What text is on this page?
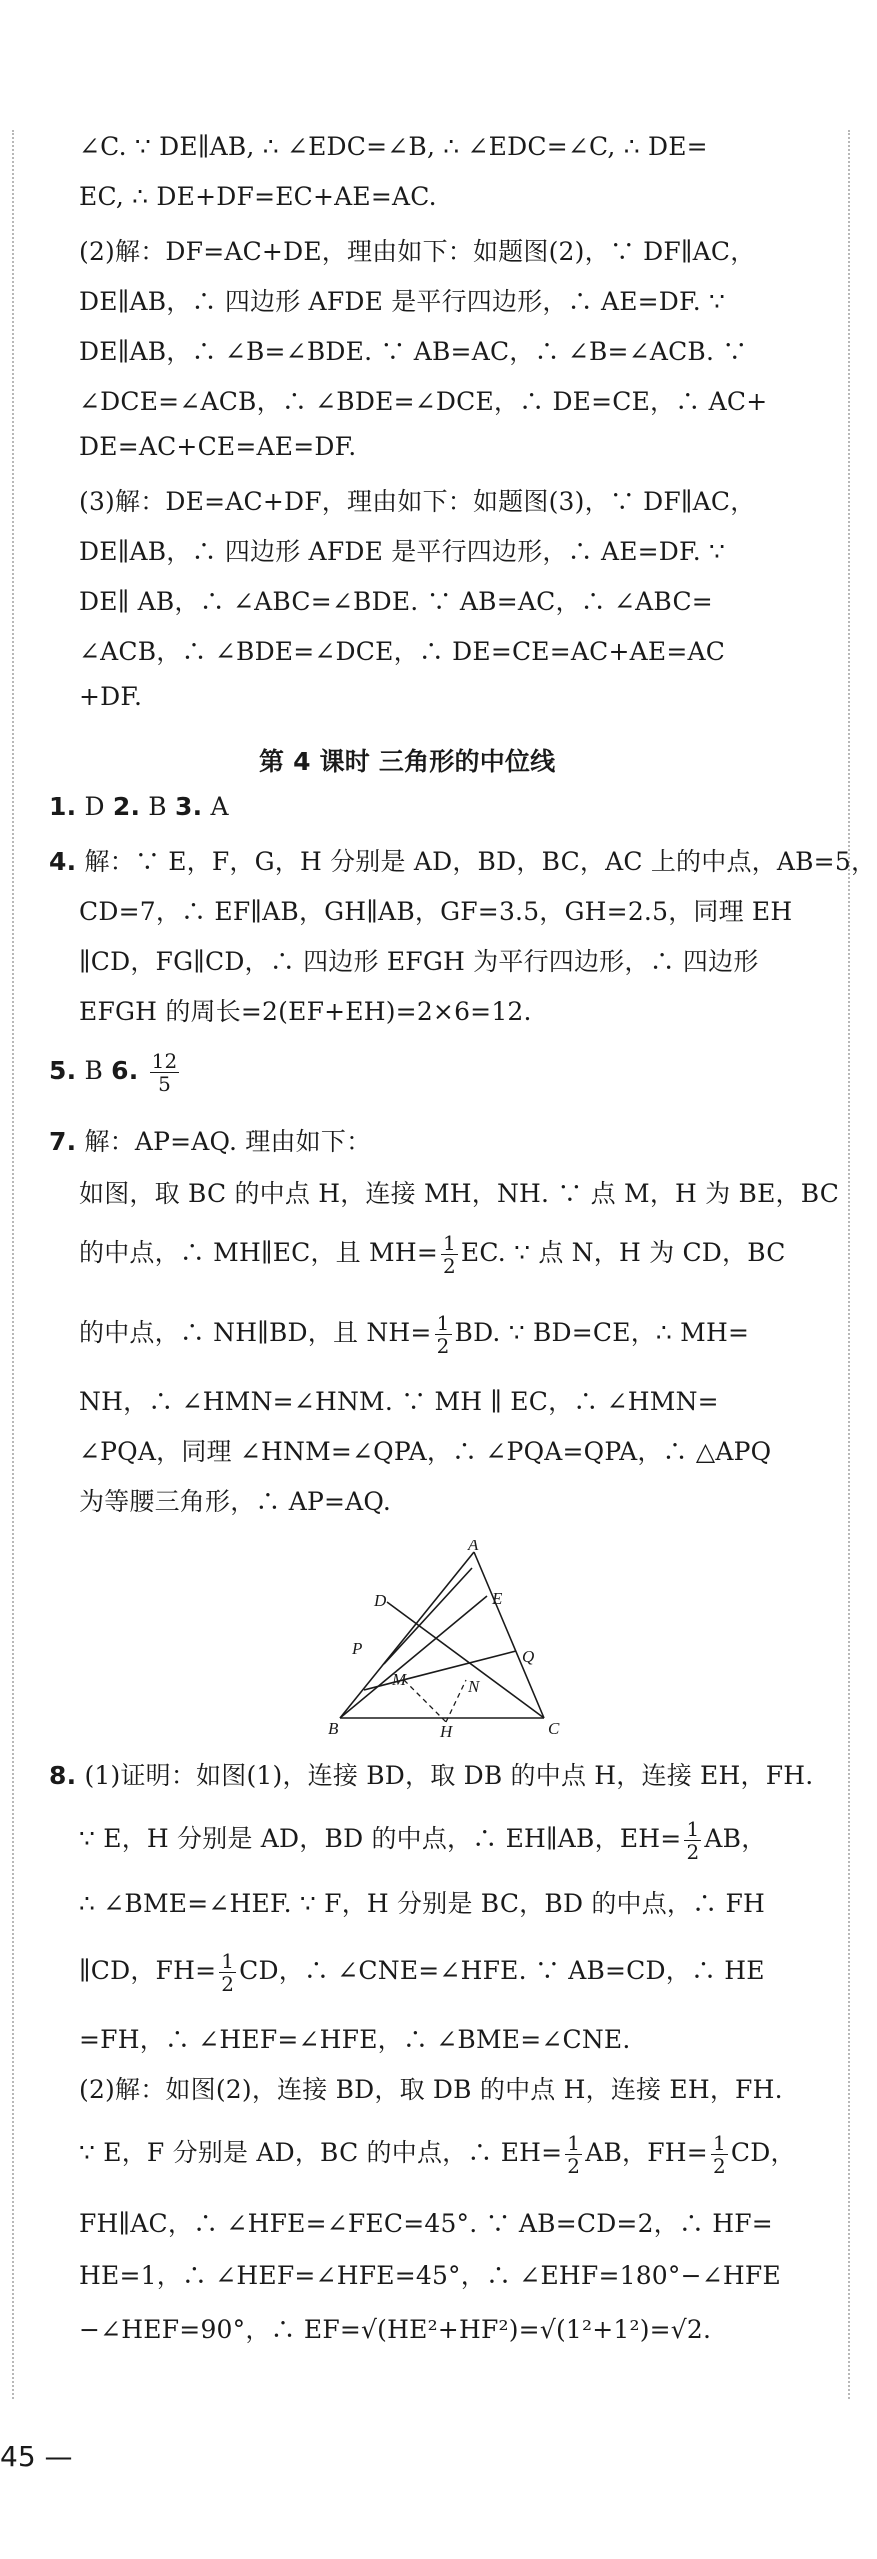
∠C. ∵ DE∥AB, ∴ ∠EDC=∠B, ∴ ∠EDC=∠C, ∴ DE=
EC, ∴ DE+DF=EC+AE=AC.
(2)解：DF=AC+DE，理由如下：如题图(2)，∵ DF∥AC，
DE∥AB，∴ 四边形 AFDE 是平行四边形，∴ AE=DF. ∵
DE∥AB，∴ ∠B=∠BDE. ∵ AB=AC，∴ ∠B=∠ACB. ∵
∠DCE=∠ACB，∴ ∠BDE=∠DCE，∴ DE=CE，∴ AC+
DE=AC+CE=AE=DF.
(3)解：DE=AC+DF，理由如下：如题图(3)，∵ DF∥AC，
DE∥AB，∴ 四边形 AFDE 是平行四边形，∴ AE=DF. ∵
DE∥ AB，∴ ∠ABC=∠BDE. ∵ AB=AC，∴ ∠ABC=
∠ACB，∴ ∠BDE=∠DCE，∴ DE=CE=AC+AE=AC
+DF.
第 4 课时 三角形的中位线
1. D 2. B 3. A
4. 解：∵ E，F，G，H 分别是 AD，BD，BC，AC 上的中点，AB=5，
CD=7，∴ EF∥AB，GH∥AB，GF=3.5，GH=2.5，同理 EH
∥CD，FG∥CD，∴ 四边形 EFGH 为平行四边形，∴ 四边形
EFGH 的周长=2(EF+EH)=2×6=12.
5. B 6. $\frac{12}{5}$
7. 解：AP=AQ. 理由如下：
如图，取 BC 的中点 H，连接 MH，NH. ∵ 点 M，H 为 BE，BC
的中点，∴ MH∥EC，且 $MH= \frac{1}{2}$ EC. ∵ 点 N，H 为 CD，BC
的中点，∴ NH∥BD，且 $NH= \frac{1}{2}$ BD. ∵ BD=CE，∴ MH=
NH，∴ ∠HMN=∠HNM. ∵ MH ∥ EC，∴ ∠HMN=
∠PQA，同理 ∠HNM=∠QPA，∴ ∠PQA=QPA，∴ △APQ
为等腰三角形，∴ AP=AQ.
A
B	C
D	E
P	Q
M	N
H
8. (1)证明：如图(1)，连接 BD，取 DB 的中点 H，连接 EH，FH.
∵ E，H 分别是 AD，BD 的中点，∴ EH∥AB，$EH= \frac{1}{2}$ AB，
∴ ∠BME=∠HEF. ∵ F，H 分别是 BC，BD 的中点，∴ FH
∥CD，$FH= \frac{1}{2}$ CD，∴ ∠CNE=∠HFE. ∵ AB=CD，∴ HE
=FH，∴ ∠HEF=∠HFE，∴ ∠BME=∠CNE.
(2)解：如图(2)，连接 BD，取 DB 的中点 H，连接 EH，FH.
∵ E，F 分别是 AD，BC 的中点，∴ $EH= \frac{1}{2}$ AB，$FH= \frac{1}{2}$ CD，
FH∥AC，∴ ∠HFE=∠FEC=45°. ∵ AB=CD=2，∴ HF=
HE=1，∴ ∠HEF=∠HFE=45°，∴ ∠EHF=180°−∠HFE
−∠HEF=90°，∴ EF=√(HE²+HF²)=√(1²+1²)=√2.
45 —
